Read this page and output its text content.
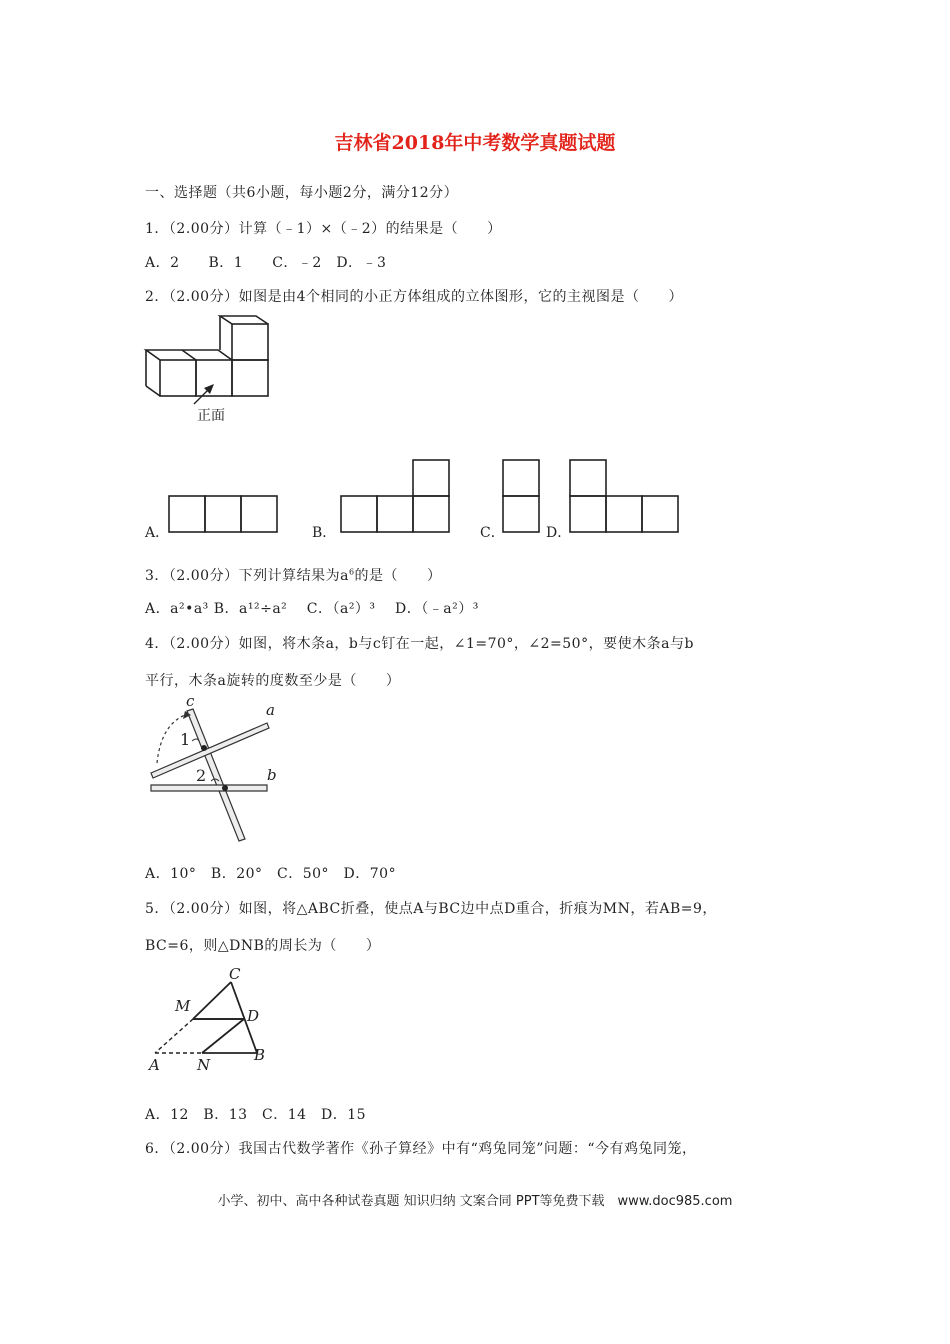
吉林省2018年中考数学真题试题
一、选择题（共6小题，每小题2分，满分12分）
1．（2.00分）计算（﹣1）×（﹣2）的结果是（　　）
A．2　　B．1　　C．﹣2　D．﹣3
2．（2.00分）如图是由4个相同的小正方体组成的立体图形，它的主视图是（　　）
正面
A．	B．	C．	D．
3．（2.00分）下列计算结果为$a^6$的是（　　）
A．a²•a³ B．a¹²÷a²　 C．（a²）³　 D．（﹣a²）³
4．（2.00分）如图，将木条a，b与c钉在一起，∠1=70°，∠2=50°，要使木条a与b
平行，木条a旋转的度数至少是（　　）
c	a
b
1
2
A．10°　B．20°　C．50°　D．70°
5．（2.00分）如图，将△ABC折叠，使点A与BC边中点D重合，折痕为MN，若AB=9，
BC=6，则△DNB的周长为（　　）
C
M
D
A N
B
A．12　B．13　C．14　D．15
6．（2.00分）我国古代数学著作《孙子算经》中有“鸡兔同笼”问题：“今有鸡兔同笼，
小学、初中、高中各种试卷真题 知识归纳 文案合同 PPT等免费下载　www.doc985.com
